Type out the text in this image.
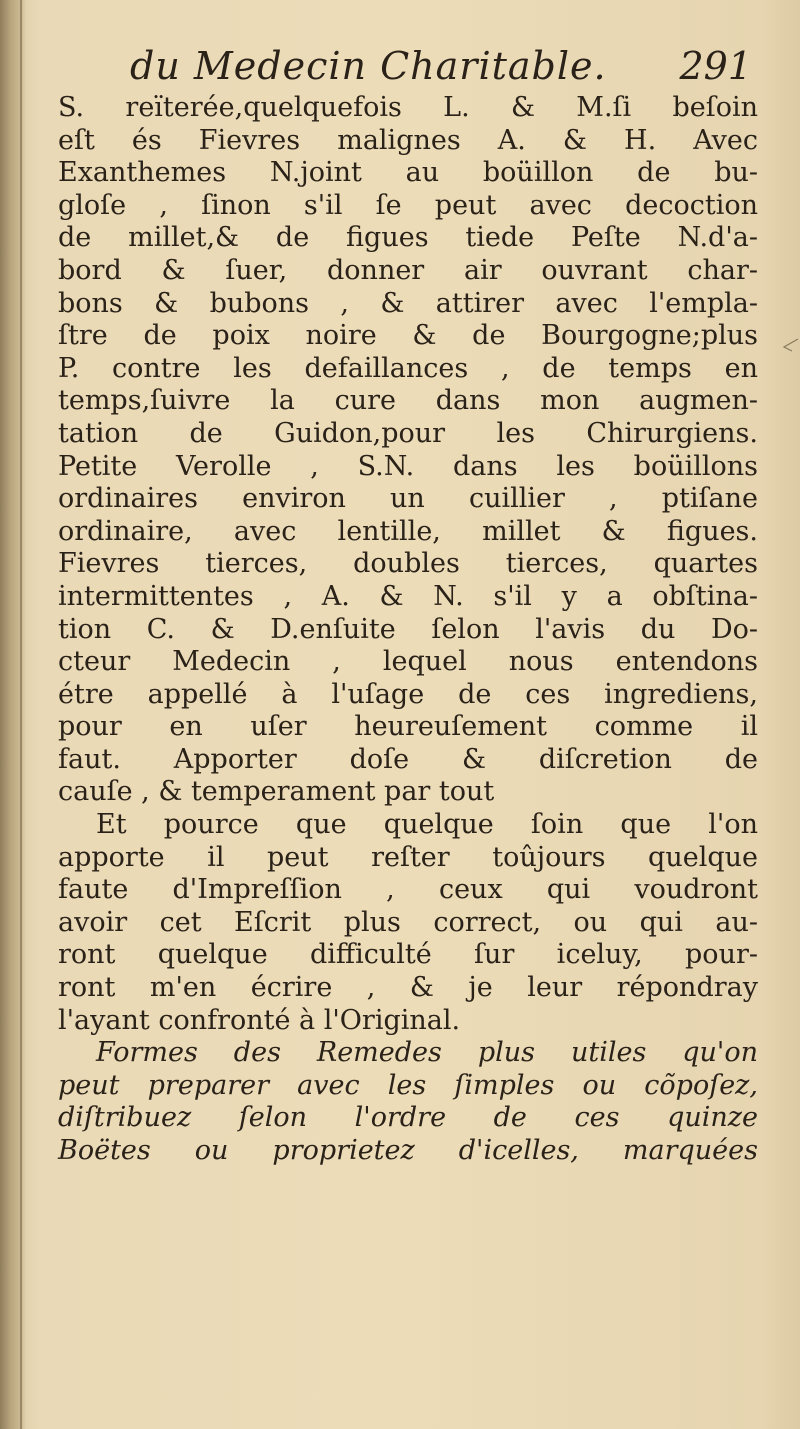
du Medecin Charitable. 291
S. reïterée,quelquefois L. & M.ſi beſoin
eſt és Fievres malignes A. & H. Avec
Exanthemes N.joint au boüillon de bu-
gloſe , ſinon s'il ſe peut avec decoction
de millet,& de figues tiede Peſte N.d'a-
bord & ſuer, donner air ouvrant char-
bons & bubons , & attirer avec l'empla-
ſtre de poix noire & de Bourgogne;plus
P. contre les defaillances , de temps en
temps,ſuivre la cure dans mon augmen-
tation de Guidon,pour les Chirurgiens.
Petite Verolle , S.N. dans les boüillons
ordinaires environ un cuillier , ptiſane
ordinaire, avec lentille, millet & figues.
Fievres tierces, doubles tierces, quartes
intermittentes , A. & N. s'il y a obſtina-
tion C. & D.enſuite ſelon l'avis du Do-
cteur Medecin , lequel nous entendons
étre appellé à l'uſage de ces ingrediens,
pour en uſer heureuſement comme il
faut. Apporter doſe & diſcretion de
cauſe , & temperament par tout
Et pource que quelque ſoin que l'on
apporte il peut reſter toûjours quelque
faute d'Impreſſion , ceux qui voudront
avoir cet Eſcrit plus correct, ou qui au-
ront quelque difficulté ſur iceluy, pour-
ront m'en écrire , & je leur répondray
l'ayant confronté à l'Original.
Formes des Remedes plus utiles qu'on
peut preparer avec les ſimples ou cõpoſez,
diſtribuez ſelon l'ordre de ces quinze
Boëtes ou proprietez d'icelles, marquées
